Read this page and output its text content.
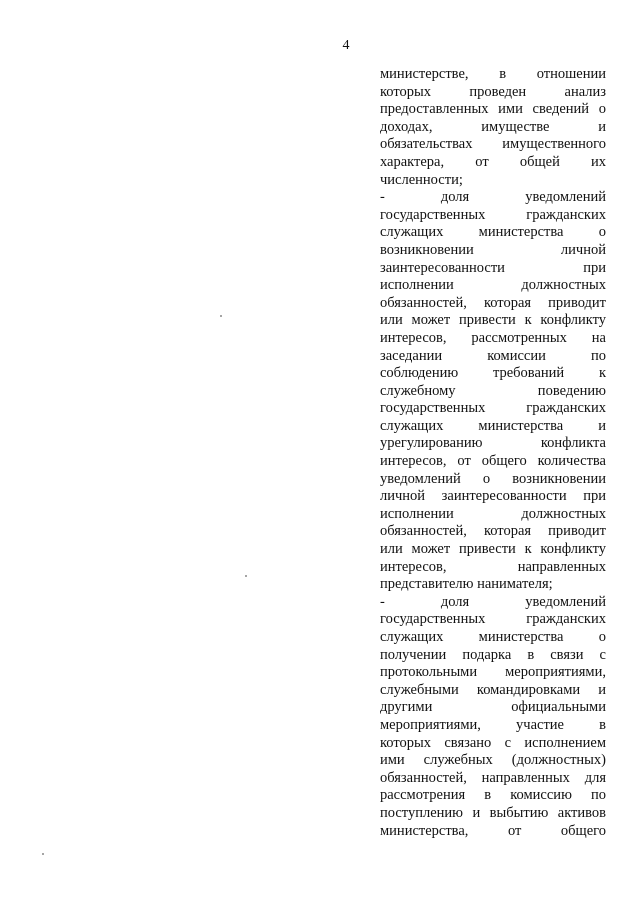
4
министерстве, в отношении
которых проведен анализ
предоставленных ими сведений о
доходах, имуществе и
обязательствах имущественного
характера, от общей их
численности;
- доля уведомлений
государственных гражданских
служащих министерства о
возникновении личной
заинтересованности при
исполнении должностных
обязанностей, которая приводит
или может привести к конфликту
интересов, рассмотренных на
заседании комиссии по
соблюдению требований к
служебному поведению
государственных гражданских
служащих министерства и
урегулированию конфликта
интересов, от общего количества
уведомлений о возникновении
личной заинтересованности при
исполнении должностных
обязанностей, которая приводит
или может привести к конфликту
интересов, направленных
представителю нанимателя;
- доля уведомлений
государственных гражданских
служащих министерства о
получении подарка в связи с
протокольными мероприятиями,
служебными командировками и
другими официальными
мероприятиями, участие в
которых связано с исполнением
ими служебных (должностных)
обязанностей, направленных для
рассмотрения в комиссию по
поступлению и выбытию активов
министерства, от общего
